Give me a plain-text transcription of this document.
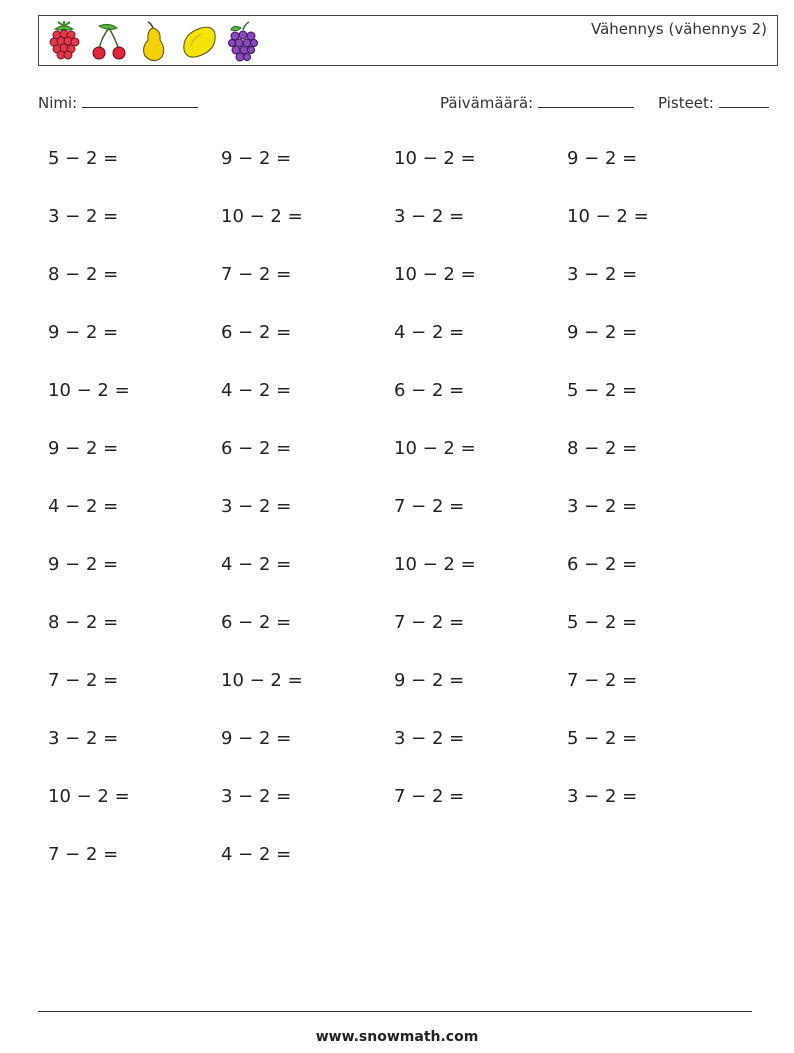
Vähennys (vähennys 2)
Nimi:	Päivämäärä:	Pisteet:
5 − 2 =	9 − 2 =	10 − 2 =	9 − 2 =
3 − 2 =	10 − 2 =	3 − 2 =	10 − 2 =
8 − 2 =	7 − 2 =	10 − 2 =	3 − 2 =
9 − 2 =	6 − 2 =	4 − 2 =	9 − 2 =
10 − 2 =	4 − 2 =	6 − 2 =	5 − 2 =
9 − 2 =	6 − 2 =	10 − 2 =	8 − 2 =
4 − 2 =	3 − 2 =	7 − 2 =	3 − 2 =
9 − 2 =	4 − 2 =	10 − 2 =	6 − 2 =
8 − 2 =	6 − 2 =	7 − 2 =	5 − 2 =
7 − 2 =	10 − 2 =	9 − 2 =	7 − 2 =
3 − 2 =	9 − 2 =	3 − 2 =	5 − 2 =
10 − 2 =	3 − 2 =	7 − 2 =	3 − 2 =
7 − 2 =	4 − 2 =
www.snowmath.com
